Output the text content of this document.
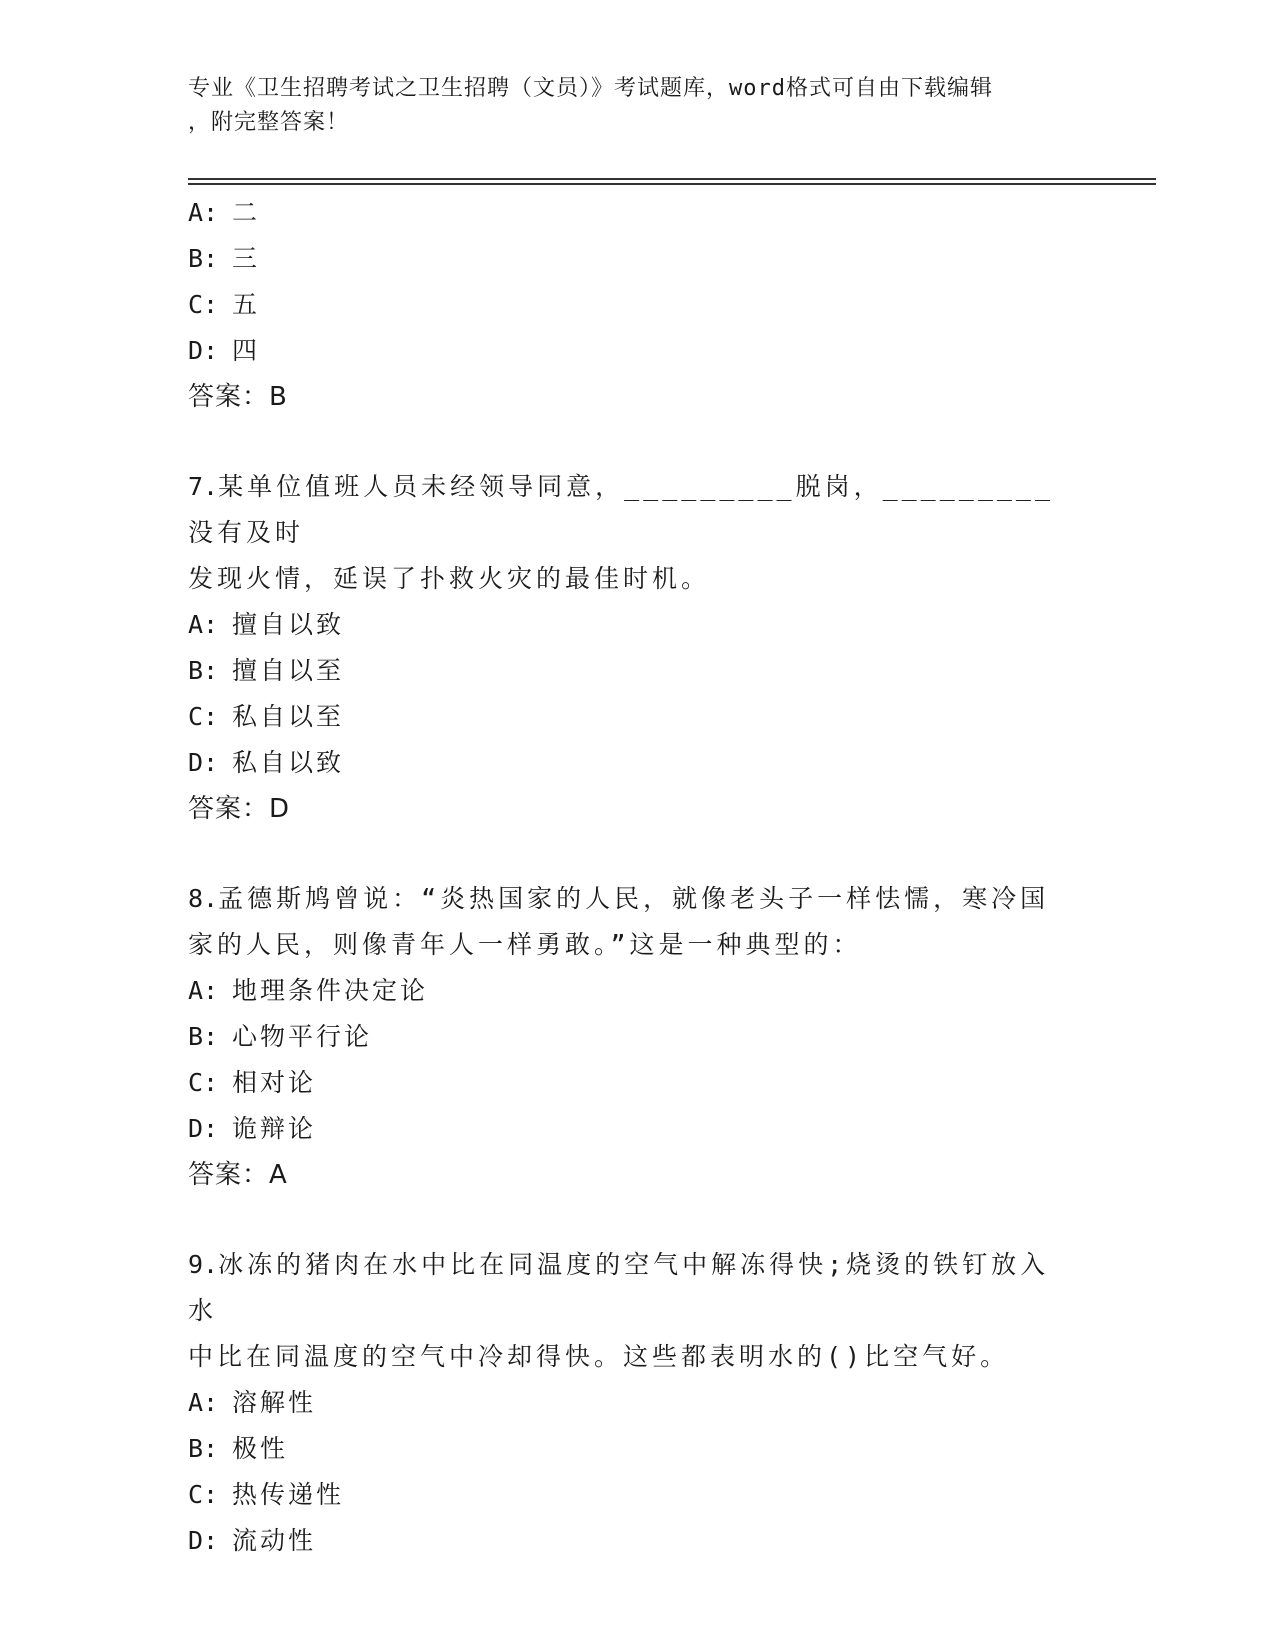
专业《卫生招聘考试之卫生招聘（文员）》考试题库，word格式可自由下载编辑
，附完整答案！
A: 二
B: 三
C: 五
D: 四
答案：B
7.某单位值班人员未经领导同意，_________脱岗，_________没有及时
发现火情，延误了扑救火灾的最佳时机。
A: 擅自以致
B: 擅自以至
C: 私自以至
D: 私自以致
答案：D
8.孟德斯鸠曾说：“炎热国家的人民，就像老头子一样怯懦，寒冷国
家的人民，则像青年人一样勇敢。”这是一种典型的：
A: 地理条件决定论
B: 心物平行论
C: 相对论
D: 诡辩论
答案：A
9.冰冻的猪肉在水中比在同温度的空气中解冻得快;烧烫的铁钉放入水
中比在同温度的空气中冷却得快。这些都表明水的()比空气好。
A: 溶解性
B: 极性
C: 热传递性
D: 流动性
